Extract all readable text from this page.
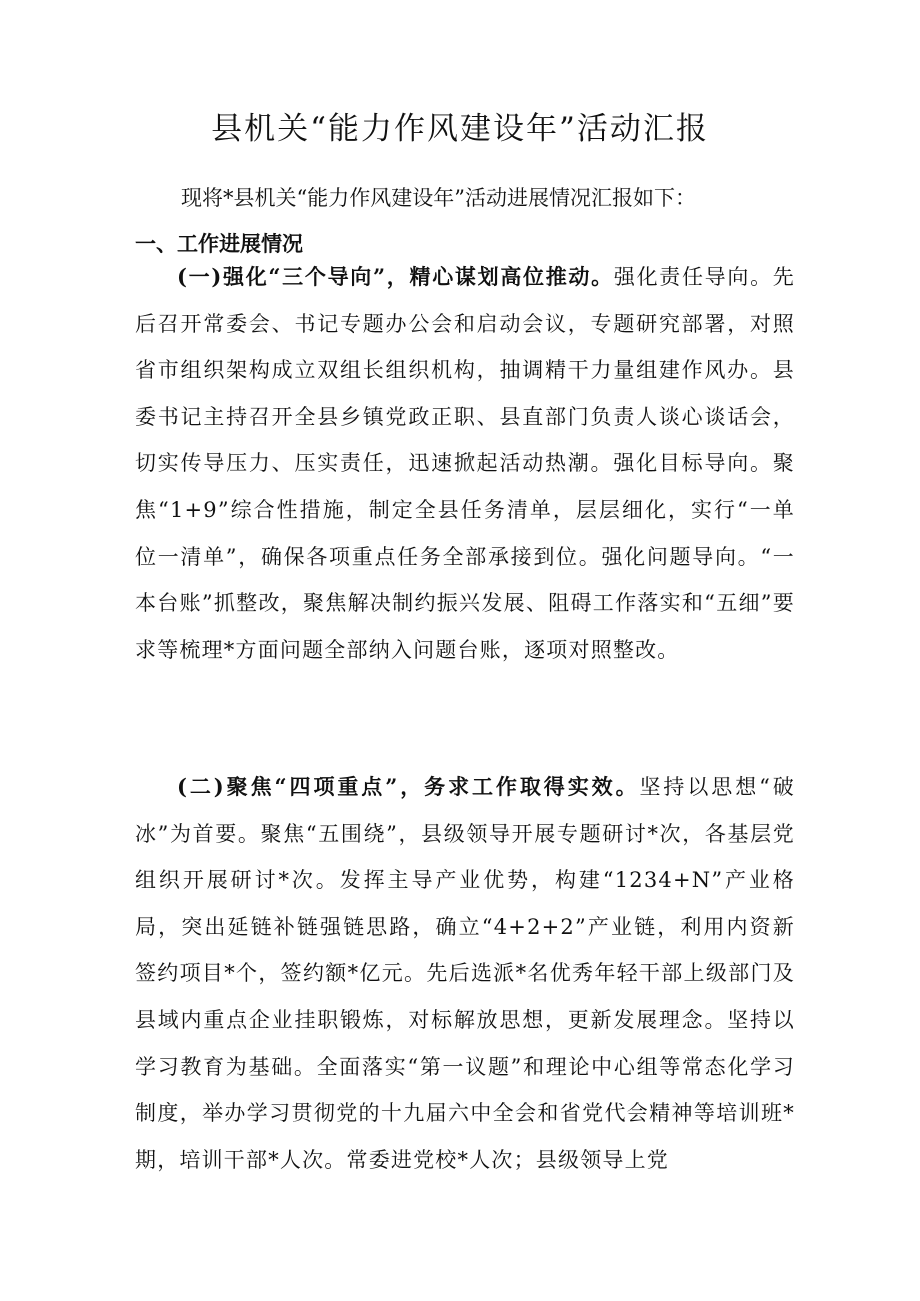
县机关“能力作风建设年”活动汇报
现将*县机关“能力作风建设年”活动进展情况汇报如下：
一、工作进展情况
(一)强化“三个导向”，精心谋划高位推动。强化责任导向。先后召开常委会、书记专题办公会和启动会议，专题研究部署，对照省市组织架构成立双组长组织机构，抽调精干力量组建作风办。县委书记主持召开全县乡镇党政正职、县直部门负责人谈心谈话会，切实传导压力、压实责任，迅速掀起活动热潮。强化目标导向。聚焦“1+9”综合性措施，制定全县任务清单，层层细化，实行“一单位一清单”，确保各项重点任务全部承接到位。强化问题导向。“一本台账”抓整改，聚焦解决制约振兴发展、阻碍工作落实和“五细”要求等梳理*方面问题全部纳入问题台账，逐项对照整改。
(二)聚焦“四项重点”，务求工作取得实效。坚持以思想“破冰”为首要。聚焦“五围绕”，县级领导开展专题研讨*次，各基层党组织开展研讨*次。发挥主导产业优势，构建“1234+N”产业格局，突出延链补链强链思路，确立“4+2+2”产业链，利用内资新签约项目*个，签约额*亿元。先后选派*名优秀年轻干部上级部门及县域内重点企业挂职锻炼，对标解放思想，更新发展理念。坚持以学习教育为基础。全面落实“第一议题”和理论中心组等常态化学习制度，举办学习贯彻党的十九届六中全会和省党代会精神等培训班*期，培训干部*人次。常委进党校*人次；县级领导上党
